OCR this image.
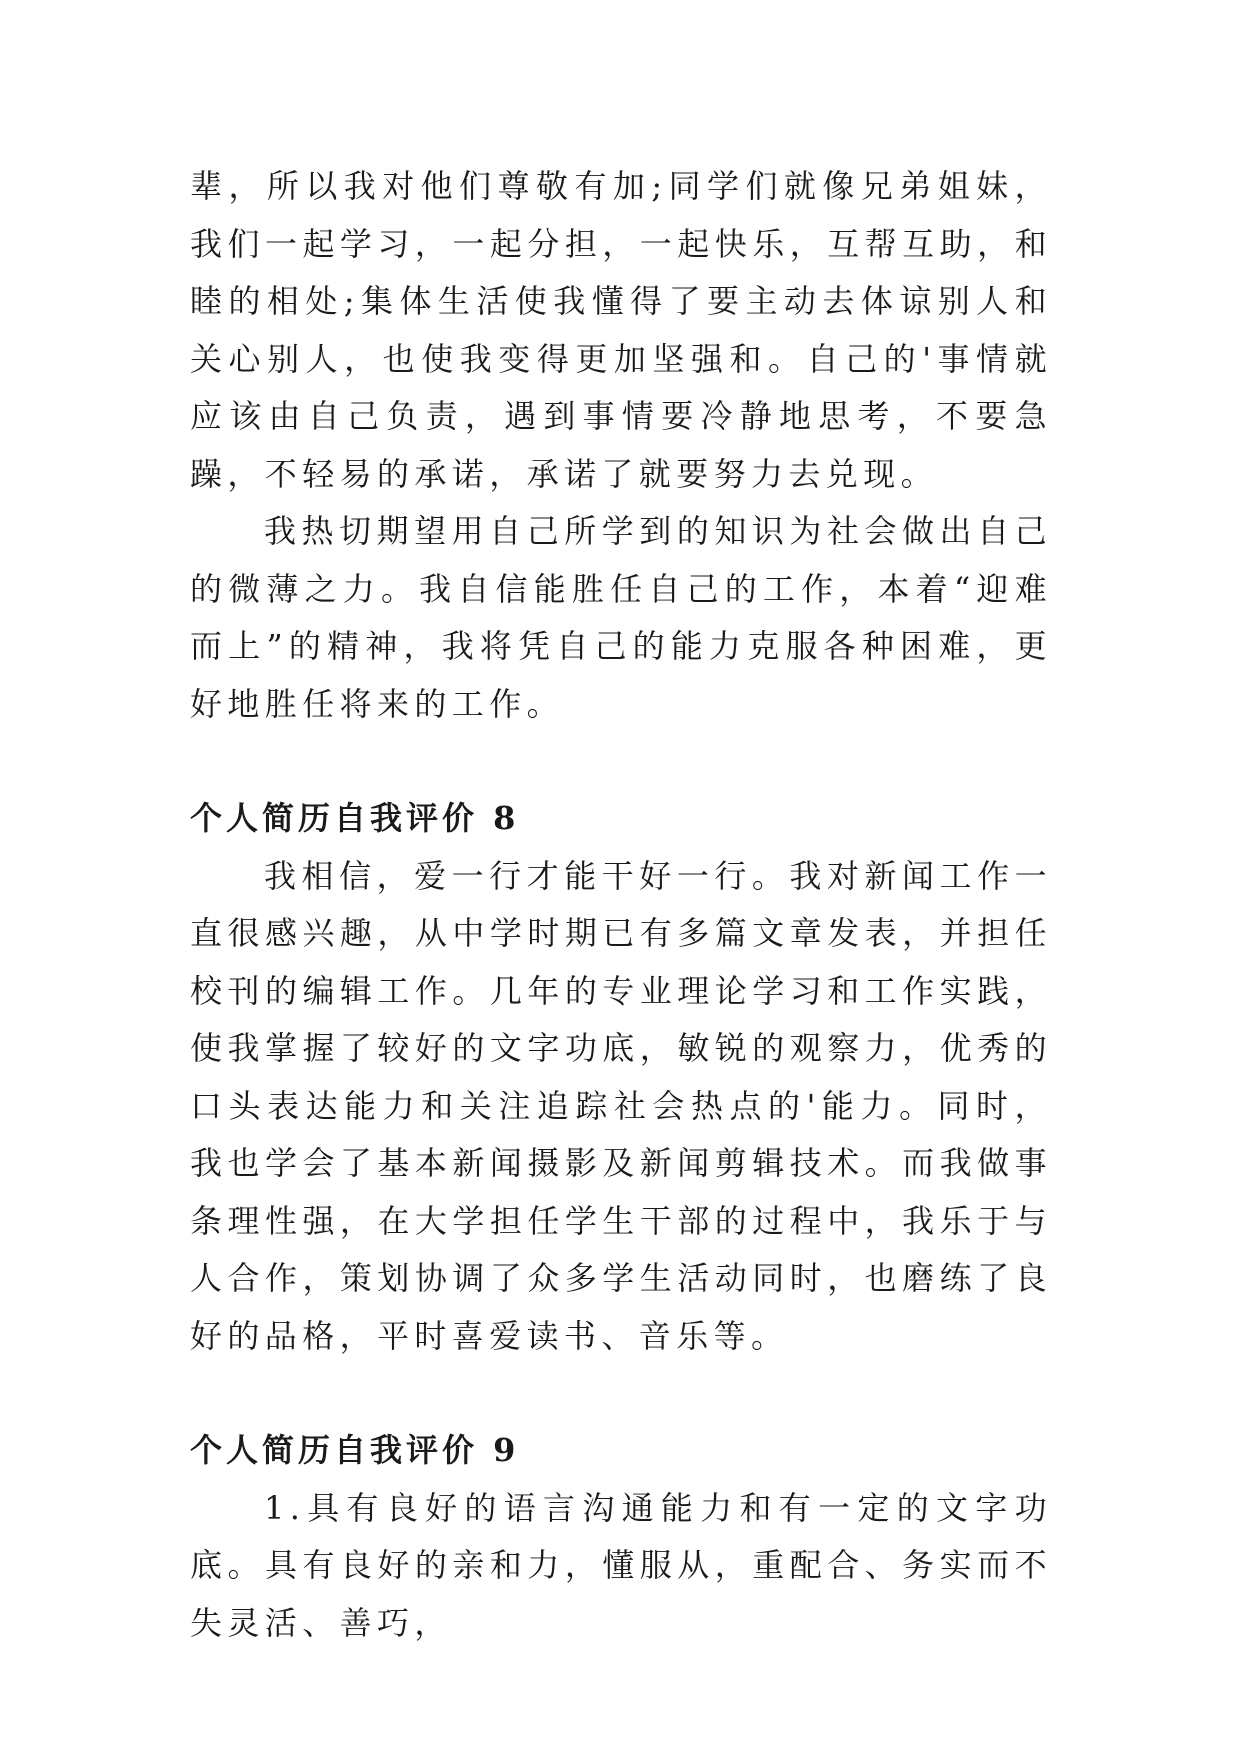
辈，所以我对他们尊敬有加;同学们就像兄弟姐妹，我们一起学习，一起分担，一起快乐，互帮互助，和睦的相处;集体生活使我懂得了要主动去体谅别人和关心别人，也使我变得更加坚强和。自己的'事情就应该由自己负责，遇到事情要冷静地思考，不要急躁，不轻易的承诺，承诺了就要努力去兑现。

我热切期望用自己所学到的知识为社会做出自己的微薄之力。我自信能胜任自己的工作，本着“迎难而上”的精神，我将凭自己的能力克服各种困难，更好地胜任将来的工作。

个人简历自我评价 8

我相信，爱一行才能干好一行。我对新闻工作一直很感兴趣，从中学时期已有多篇文章发表，并担任校刊的编辑工作。几年的专业理论学习和工作实践，使我掌握了较好的文字功底，敏锐的观察力，优秀的口头表达能力和关注追踪社会热点的'能力。同时，我也学会了基本新闻摄影及新闻剪辑技术。而我做事条理性强，在大学担任学生干部的过程中，我乐于与人合作，策划协调了众多学生活动同时，也磨练了良好的品格，平时喜爱读书、音乐等。

个人简历自我评价 9

1.具有良好的语言沟通能力和有一定的文字功底。具有良好的亲和力，懂服从，重配合、务实而不失灵活、善巧，
